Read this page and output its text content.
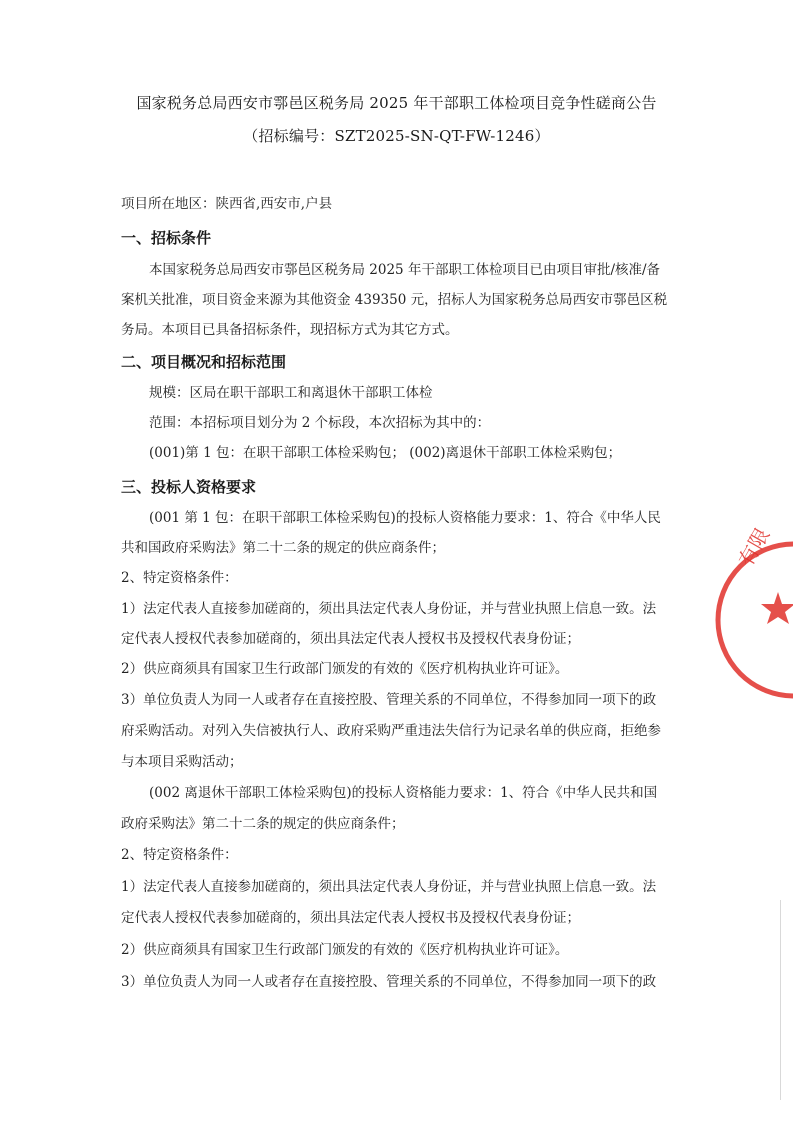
国家税务总局西安市鄠邑区税务局 2025 年干部职工体检项目竞争性磋商公告
（招标编号：SZT2025-SN-QT-FW-1246）
项目所在地区：陕西省,西安市,户县
一、招标条件
本国家税务总局西安市鄠邑区税务局 2025 年干部职工体检项目已由项目审批/核准/备
案机关批准，项目资金来源为其他资金 439350 元，招标人为国家税务总局西安市鄠邑区税
务局。本项目已具备招标条件，现招标方式为其它方式。
二、项目概况和招标范围
规模：区局在职干部职工和离退休干部职工体检
范围：本招标项目划分为 2 个标段，本次招标为其中的：
(001)第 1 包：在职干部职工体检采购包； (002)离退休干部职工体检采购包；
三、投标人资格要求
(001 第 1 包：在职干部职工体检采购包)的投标人资格能力要求：1、符合《中华人民
共和国政府采购法》第二十二条的规定的供应商条件；
2、特定资格条件：
1）法定代表人直接参加磋商的，须出具法定代表人身份证，并与营业执照上信息一致。法
定代表人授权代表参加磋商的，须出具法定代表人授权书及授权代表身份证；
2）供应商须具有国家卫生行政部门颁发的有效的《医疗机构执业许可证》。
3）单位负责人为同一人或者存在直接控股、管理关系的不同单位，不得参加同一项下的政
府采购活动。对列入失信被执行人、政府采购严重违法失信行为记录名单的供应商，拒绝参
与本项目采购活动；
(002 离退休干部职工体检采购包)的投标人资格能力要求：1、符合《中华人民共和国
政府采购法》第二十二条的规定的供应商条件；
2、特定资格条件：
1）法定代表人直接参加磋商的，须出具法定代表人身份证，并与营业执照上信息一致。法
定代表人授权代表参加磋商的，须出具法定代表人授权书及授权代表身份证；
2）供应商须具有国家卫生行政部门颁发的有效的《医疗机构执业许可证》。
3）单位负责人为同一人或者存在直接控股、管理关系的不同单位，不得参加同一项下的政
有限
